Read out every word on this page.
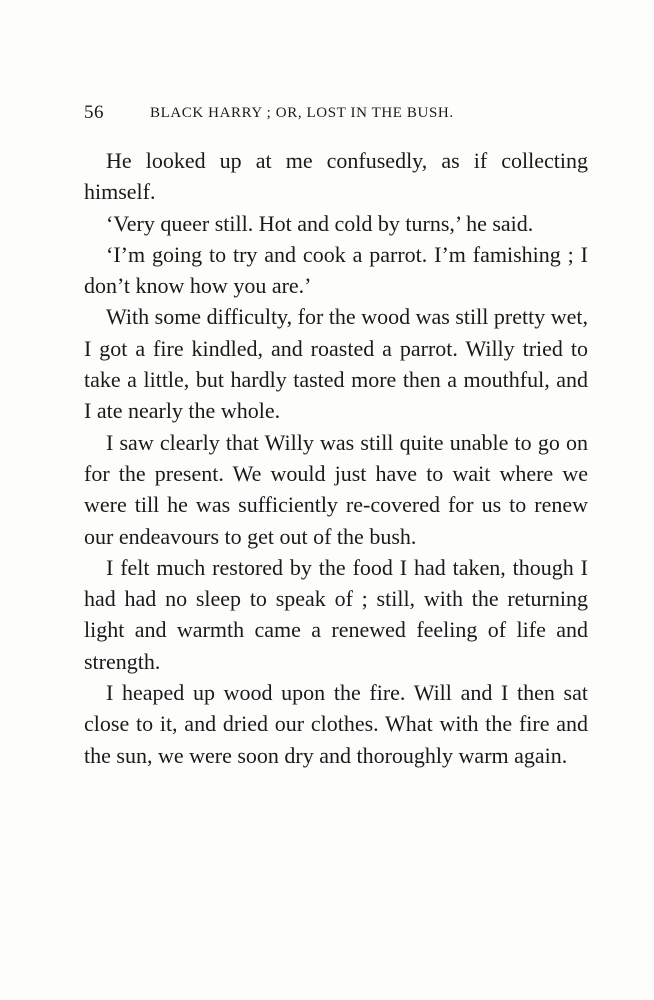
56	BLACK HARRY ; OR, LOST IN THE BUSH.

He looked up at me confusedly, as if collecting himself.

‘Very queer still. Hot and cold by turns,’ he said.

‘I’m going to try and cook a parrot. I’m famishing ; I don’t know how you are.’

With some difficulty, for the wood was still pretty wet, I got a fire kindled, and roasted a parrot. Willy tried to take a little, but hardly tasted more then a mouthful, and I ate nearly the whole.

I saw clearly that Willy was still quite unable to go on for the present. We would just have to wait where we were till he was sufficiently re-covered for us to renew our endeavours to get out of the bush.

I felt much restored by the food I had taken, though I had had no sleep to speak of ; still, with the returning light and warmth came a renewed feeling of life and strength.

I heaped up wood upon the fire. Will and I then sat close to it, and dried our clothes. What with the fire and the sun, we were soon dry and thoroughly warm again.
